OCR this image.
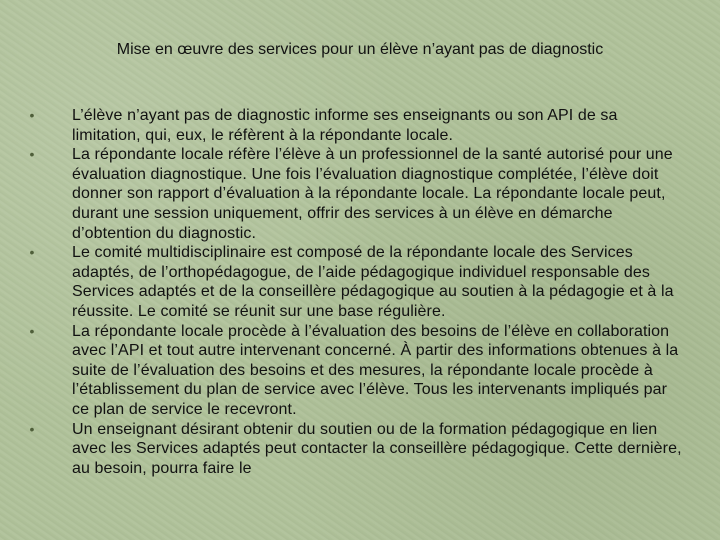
Mise en œuvre des services pour un élève n’ayant pas de diagnostic
• L’élève n’ayant pas de diagnostic informe ses enseignants ou son API de sa limitation, qui, eux, le réfèrent à la répondante locale.
• La répondante locale réfère l’élève à un professionnel de la santé autorisé pour une évaluation diagnostique. Une fois l’évaluation diagnostique complétée, l’élève doit donner son rapport d’évaluation à la répondante locale. La répondante locale peut, durant une session uniquement, offrir des services à un élève en démarche d’obtention du diagnostic.
• Le comité multidisciplinaire est composé de la répondante locale des Services adaptés, de l’orthopédagogue, de l’aide pédagogique individuel responsable des Services adaptés et de la conseillère pédagogique au soutien à la pédagogie et à la réussite. Le comité se réunit sur une base régulière.
• La répondante locale procède à l’évaluation des besoins de l’élève en collaboration avec l’API et tout autre intervenant concerné. À partir des informations obtenues à la suite de l’évaluation des besoins et des mesures, la répondante locale procède à l’établissement du plan de service avec l’élève. Tous les intervenants impliqués par ce plan de service le recevront.
• Un enseignant désirant obtenir du soutien ou de la formation pédagogique en lien avec les Services adaptés peut contacter la conseillère pédagogique. Cette dernière, au besoin, pourra faire le
